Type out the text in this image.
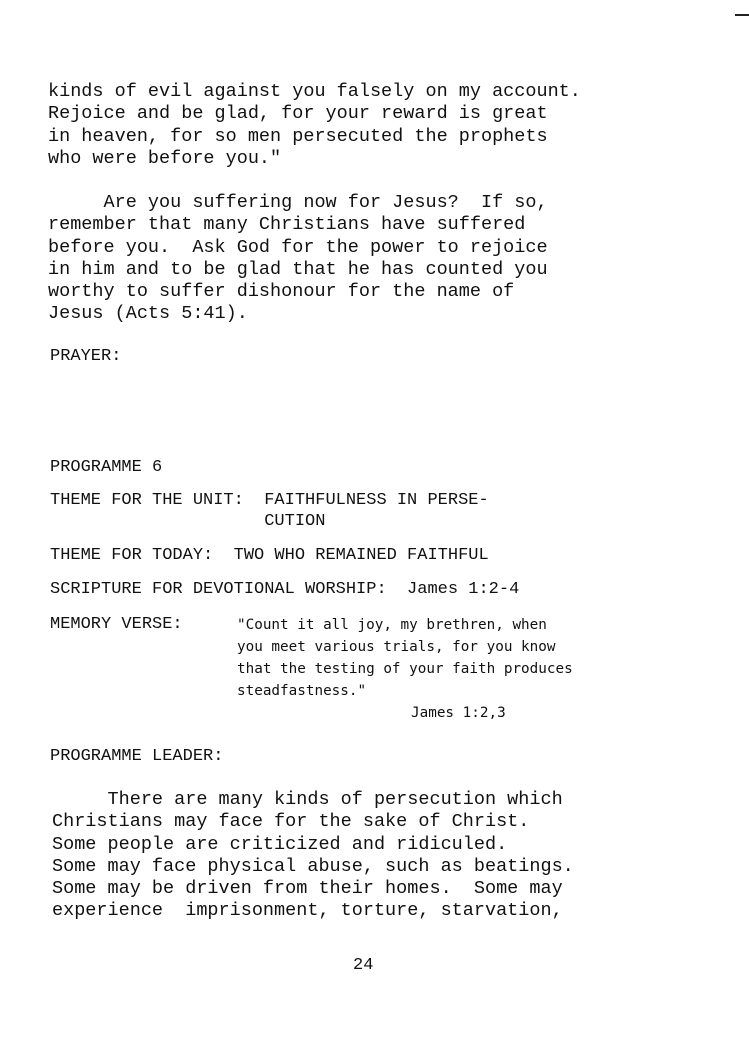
kinds of evil against you falsely on my account.
Rejoice and be glad, for your reward is great
in heaven, for so men persecuted the prophets
who were before you."

Are you suffering now for Jesus?  If so,
remember that many Christians have suffered
before you.  Ask God for the power to rejoice
in him and to be glad that he has counted you
worthy to suffer dishonour for the name of
Jesus (Acts 5:41).

PRAYER:

PROGRAMME 6

THEME FOR THE UNIT:  FAITHFULNESS IN PERSE-
CUTION

THEME FOR TODAY:  TWO WHO REMAINED FAITHFUL

SCRIPTURE FOR DEVOTIONAL WORSHIP:  James 1:2-4

MEMORY VERSE:	"Count it all joy, my brethren, when
you meet various trials, for you know
that the testing of your faith produces
steadfastness."

James 1:2,3

PROGRAMME LEADER:

There are many kinds of persecution which
Christians may face for the sake of Christ.
Some people are criticized and ridiculed.
Some may face physical abuse, such as beatings.
Some may be driven from their homes.  Some may
experience  imprisonment, torture, starvation,

24
